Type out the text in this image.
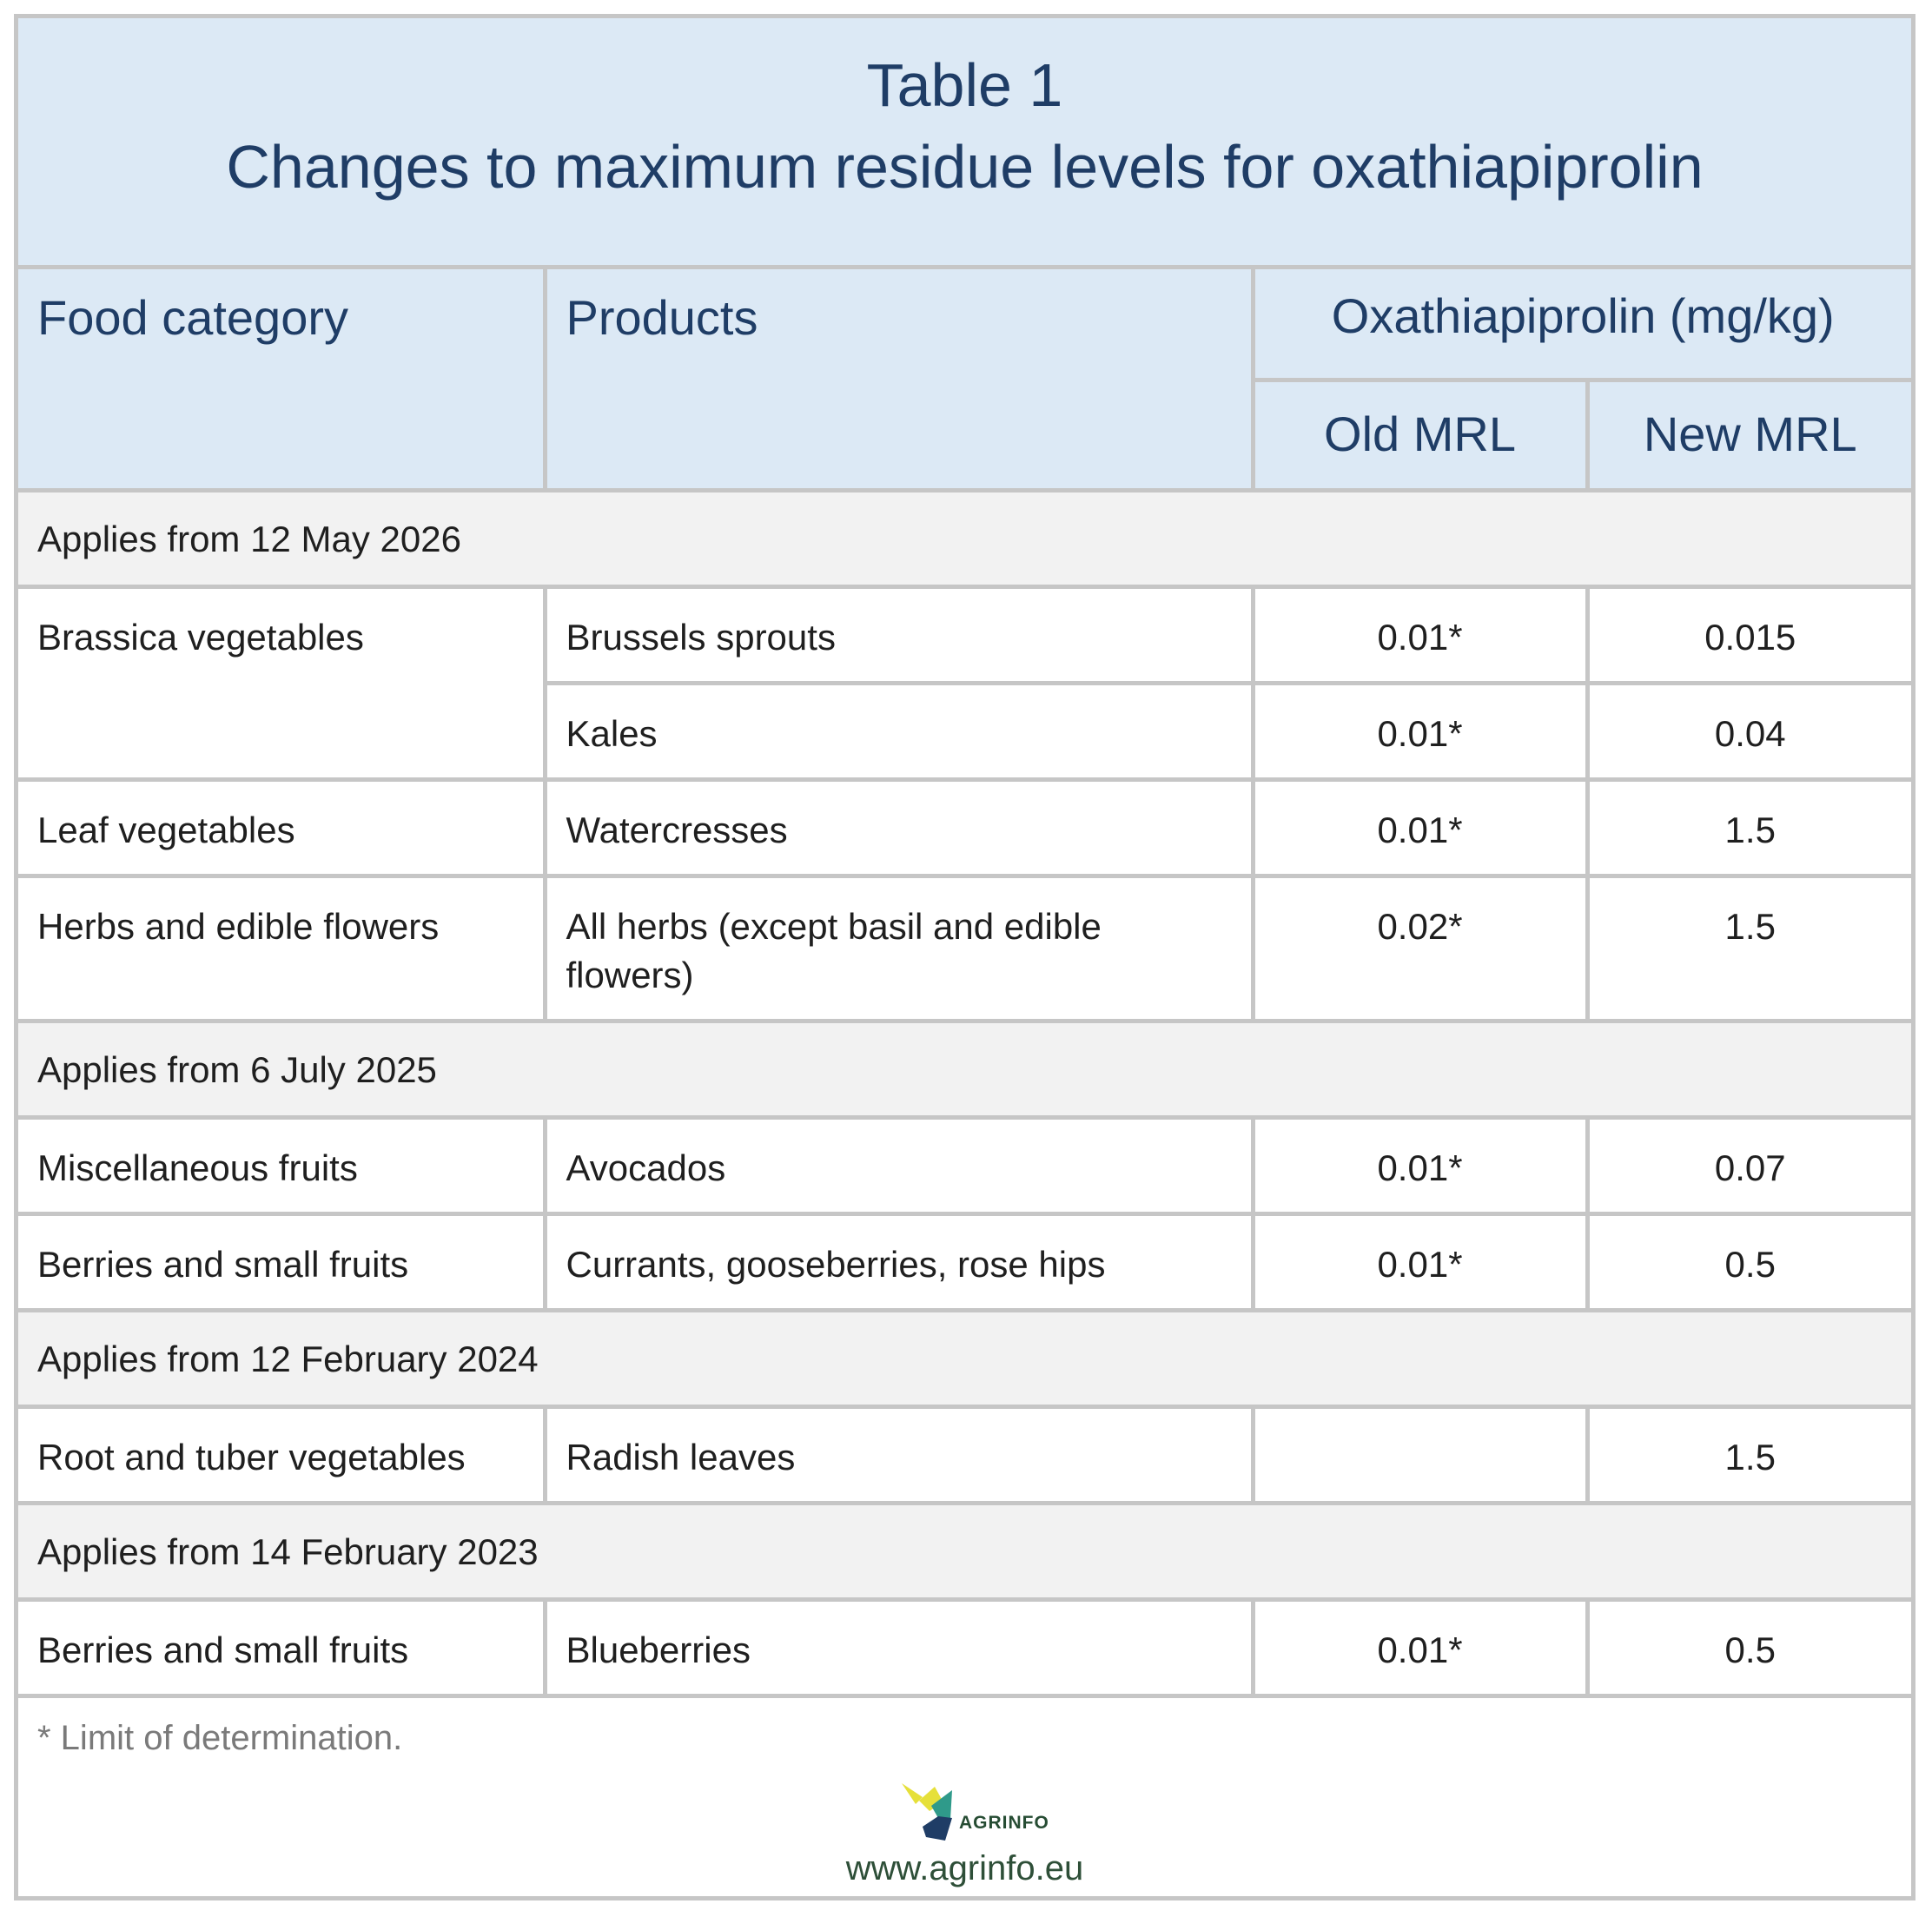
Table 1
Changes to maximum residue levels for oxathiapiprolin
Food category	Products	Oxathiapiprolin (mg/kg)	
		Old MRL	New MRL
Applies from 12 May 2026			
Brassica vegetables	Brussels sprouts	0.01*	0.015
	Kales	0.01*	0.04
Leaf vegetables	Watercresses	0.01*	1.5
Herbs and edible flowers	All herbs (except basil and edible flowers)	0.02*	1.5
Applies from 6 July 2025			
Miscellaneous fruits	Avocados	0.01*	0.07
Berries and small fruits	Currants, gooseberries, rose hips	0.01*	0.5
Applies from 12 February 2024			
Root and tuber vegetables	Radish leaves		1.5
Applies from 14 February 2023			
Berries and small fruits	Blueberries	0.01*	0.5

* Limit of determination.
AGRINFO
www.agrinfo.eu
